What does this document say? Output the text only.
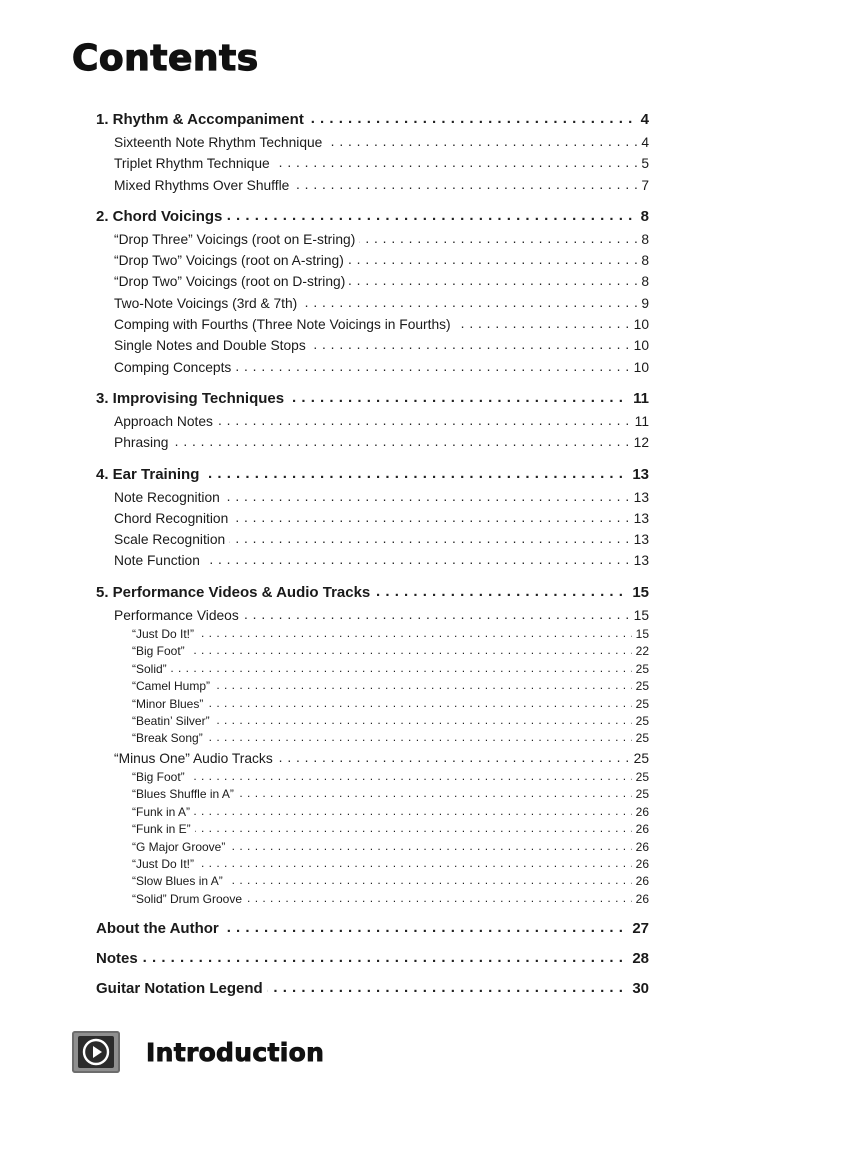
Contents
1. Rhythm & Accompaniment	4
. . .
Sixteenth Note Rhythm Technique	4
. . .
Triplet Rhythm Technique	5
. . .
Mixed Rhythms Over Shuffle	7
. . .
2. Chord Voicings	8
. . .
“Drop Three” Voicings (root on E-string)	8
. . .
“Drop Two” Voicings (root on A-string)	8
. . .
“Drop Two” Voicings (root on D-string)	8
. . .
Two-Note Voicings (3rd & 7th)	9
. . .
Comping with Fourths (Three Note Voicings in Fourths)	10
. . .
Single Notes and Double Stops	10
. . .
Comping Concepts	10
. . .
3. Improvising Techniques	11
. . .
Approach Notes	11
. . .
Phrasing	12
. . .
4. Ear Training	13
. . .
Note Recognition	13
. . .
Chord Recognition	13
. . .
Scale Recognition	13
. . .
Note Function	13
. . .
5. Performance Videos & Audio Tracks	15
. . .
Performance Videos	15
. . .
“Just Do It!”	15
. . .
“Big Foot”	22
. . .
“Solid”	25
. . .
“Camel Hump”	25
. . .
“Minor Blues”	25
. . .
“Beatin’ Silver”	25
. . .
“Break Song”	25
. . .
“Minus One” Audio Tracks	25
. . .
“Big Foot”	25
. . .
“Blues Shuffle in A”	25
. . .
“Funk in A”	26
. . .
“Funk in E”	26
. . .
“G Major Groove”	26
. . .
“Just Do It!”	26
. . .
“Slow Blues in A”	26
. . .
“Solid” Drum Groove	26
. . .
About the Author	27
. . .
Notes	28
. . .
Guitar Notation Legend	30
. . .
Introduction
